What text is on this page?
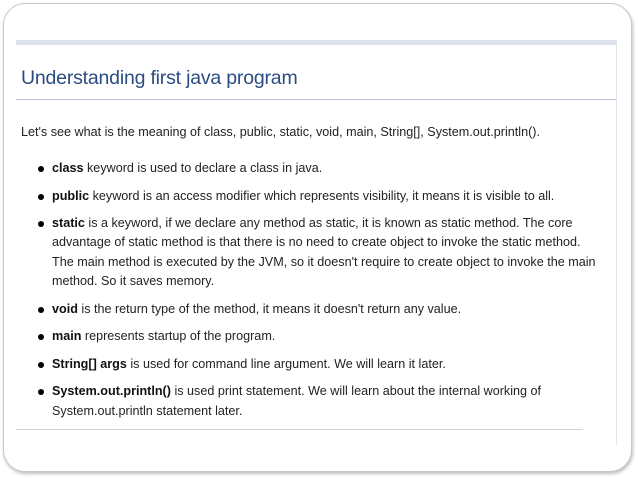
Understanding first java program

Let's see what is the meaning of class, public, static, void, main, String[], System.out.println().

class keyword is used to declare a class in java.
public keyword is an access modifier which represents visibility, it means it is visible to all.
static is a keyword, if we declare any method as static, it is known as static method. The core advantage of static method is that there is no need to create object to invoke the static method. The main method is executed by the JVM, so it doesn't require to create object to invoke the main method. So it saves memory.
void is the return type of the method, it means it doesn't return any value.
main represents startup of the program.
String[] args is used for command line argument. We will learn it later.
System.out.println() is used print statement. We will learn about the internal working of System.out.println statement later.
